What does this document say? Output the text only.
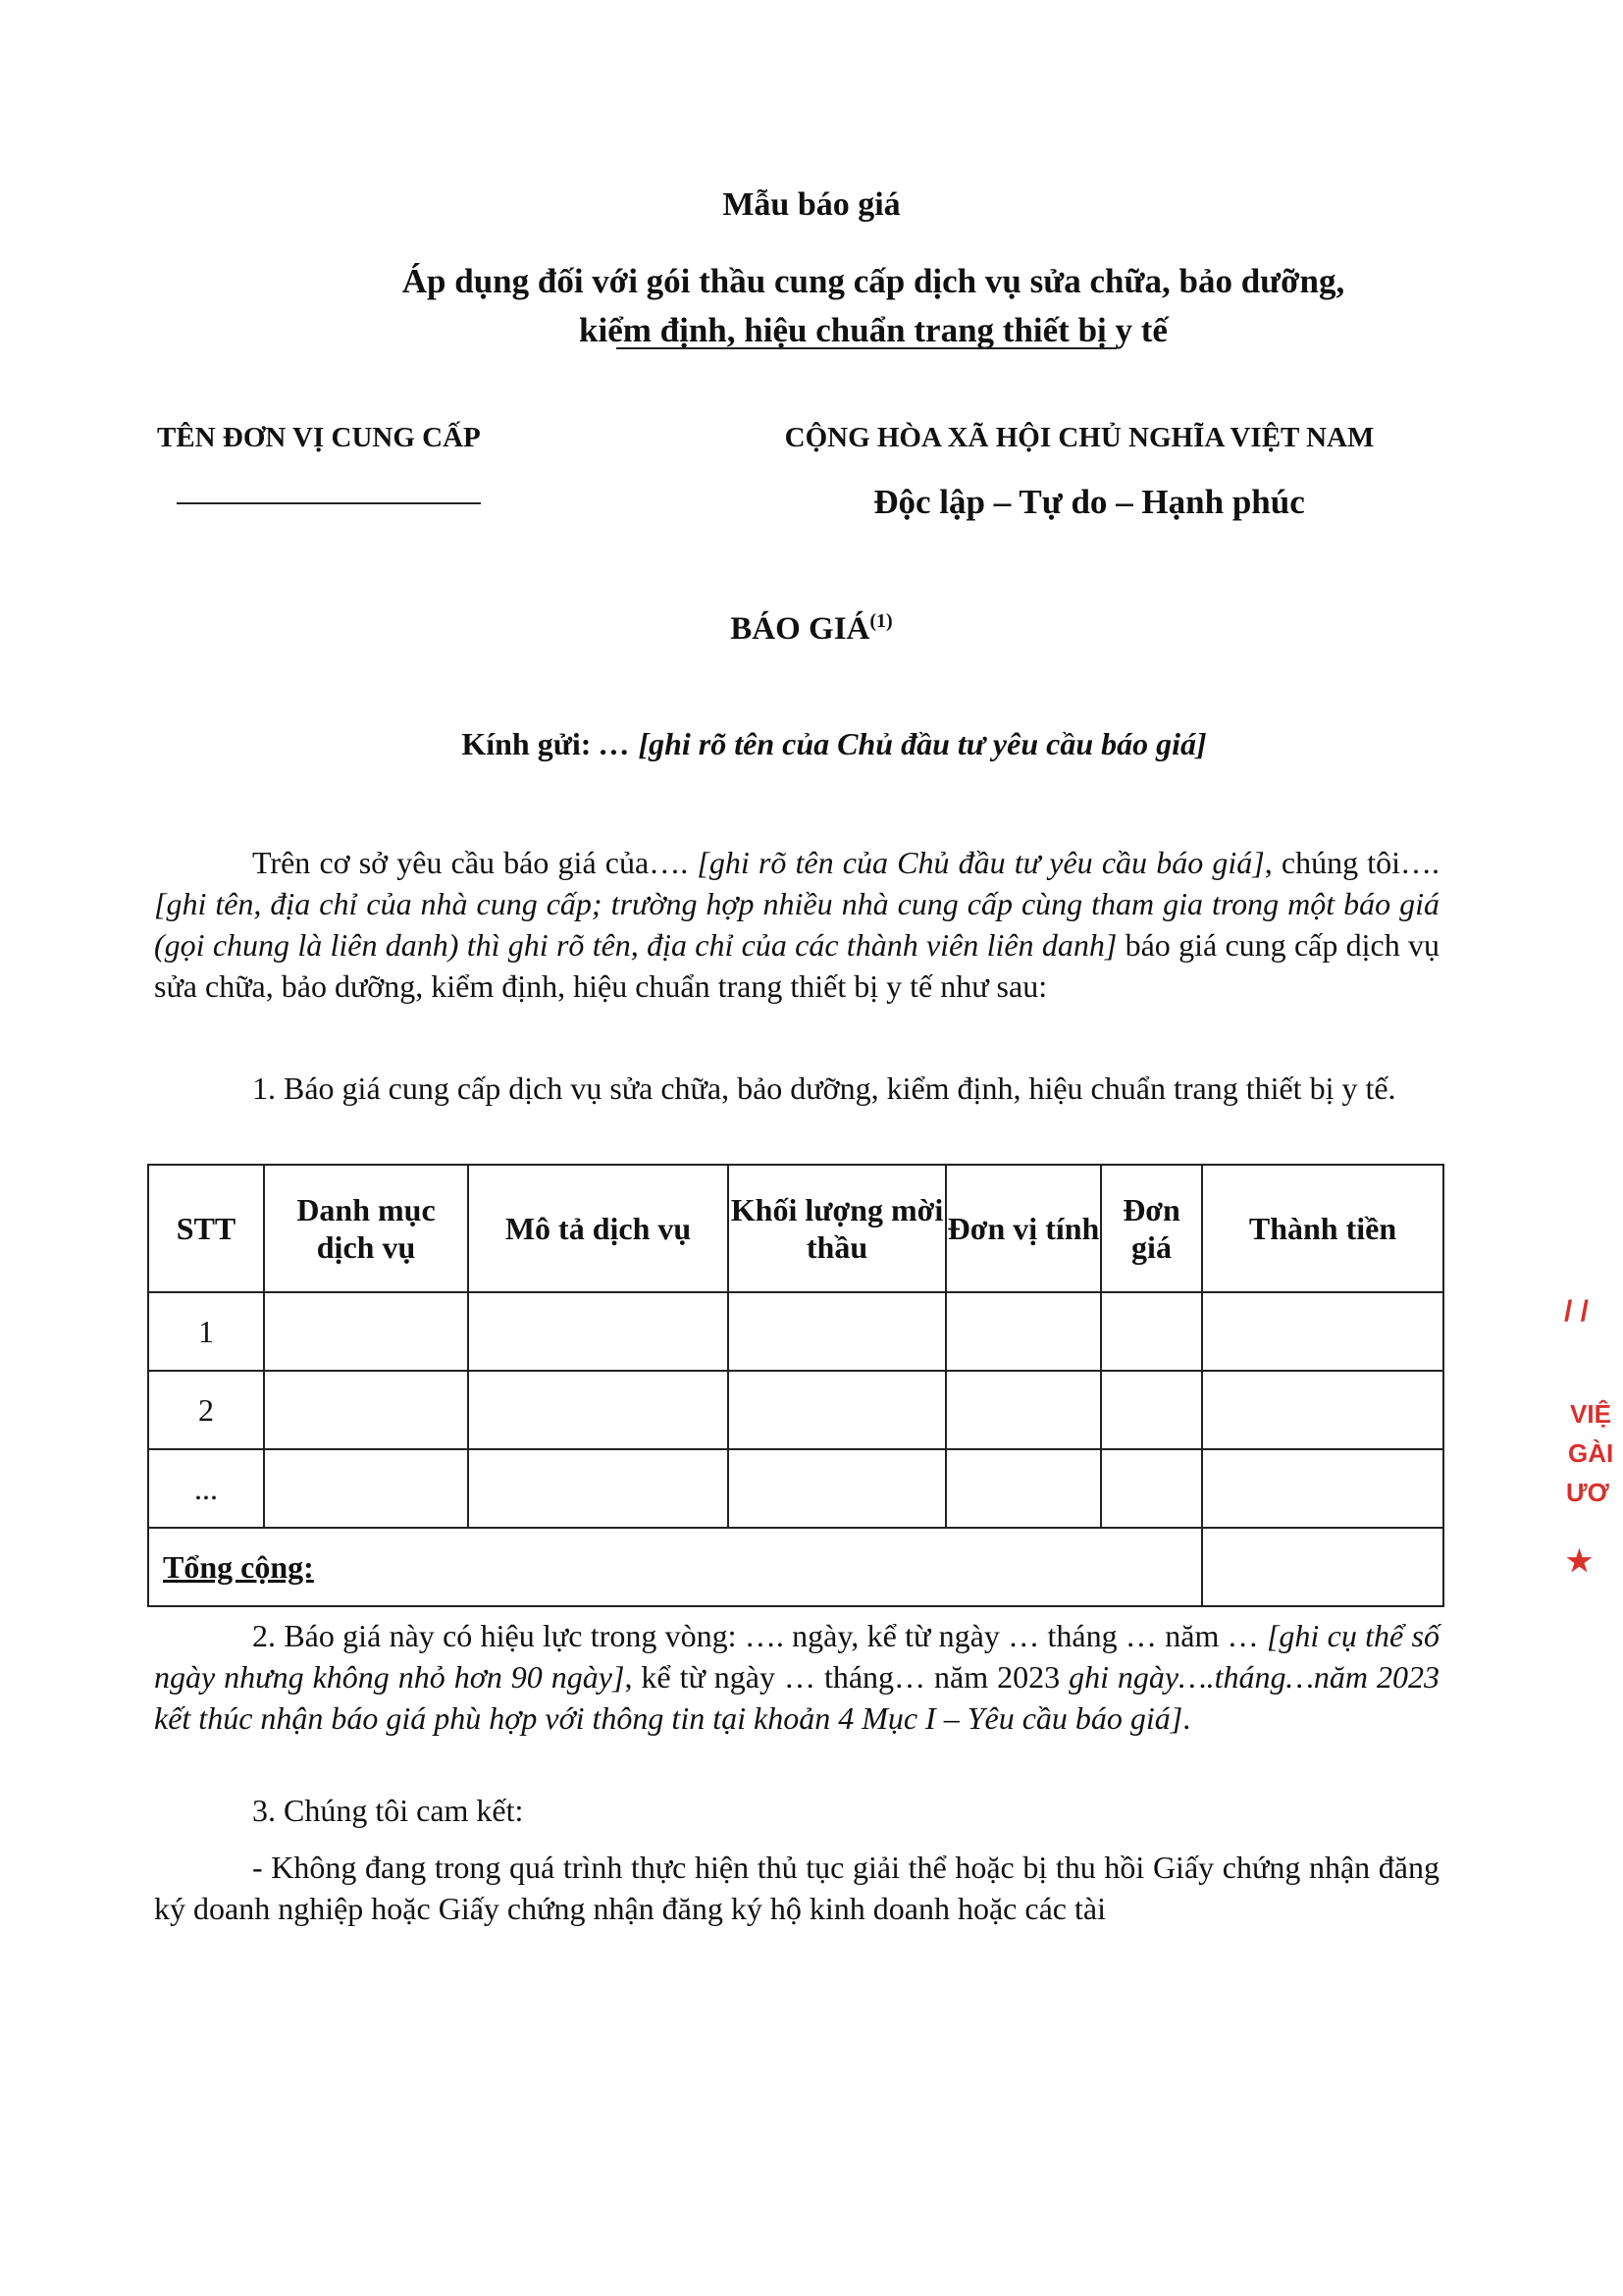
Mẫu báo giá
Áp dụng đối với gói thầu cung cấp dịch vụ sửa chữa, bảo dưỡng,
kiểm định, hiệu chuẩn trang thiết bị y tế
TÊN ĐƠN VỊ CUNG CẤP	CỘNG HÒA XÃ HỘI CHỦ NGHĨA VIỆT NAM
Độc lập – Tự do – Hạnh phúc
BÁO GIÁ$^{(1)}$
Kính gửi: … [ghi rõ tên của Chủ đầu tư yêu cầu báo giá]
Trên cơ sở yêu cầu báo giá của…. [ghi rõ tên của Chủ đầu tư yêu cầu báo giá], chúng tôi….[ghi tên, địa chỉ của nhà cung cấp; trường hợp nhiều nhà cung cấp cùng tham gia trong một báo giá (gọi chung là liên danh) thì ghi rõ tên, địa chỉ của các thành viên liên danh] báo giá cung cấp dịch vụ sửa chữa, bảo dưỡng, kiểm định, hiệu chuẩn trang thiết bị y tế như sau:
1. Báo giá cung cấp dịch vụ sửa chữa, bảo dưỡng, kiểm định, hiệu chuẩn trang thiết bị y tế.
STT	Danh mục dịch vụ	Mô tả dịch vụ	Khối lượng mời thầu	Đơn vị tính	Đơn giá	Thành tiền
1						
2						
...						
Tổng cộng:						
2. Báo giá này có hiệu lực trong vòng: …. ngày, kể từ ngày … tháng … năm … [ghi cụ thể số ngày nhưng không nhỏ hơn 90 ngày], kể từ ngày … tháng… năm 2023 ghi ngày….tháng…năm 2023 kết thúc nhận báo giá phù hợp với thông tin tại khoản 4 Mục I – Yêu cầu báo giá].
3. Chúng tôi cam kết:
- Không đang trong quá trình thực hiện thủ tục giải thể hoặc bị thu hồi Giấy chứng nhận đăng ký doanh nghiệp hoặc Giấy chứng nhận đăng ký hộ kinh doanh hoặc các tài
/ /
VIỆ
GÀI
ƯƠ
★
